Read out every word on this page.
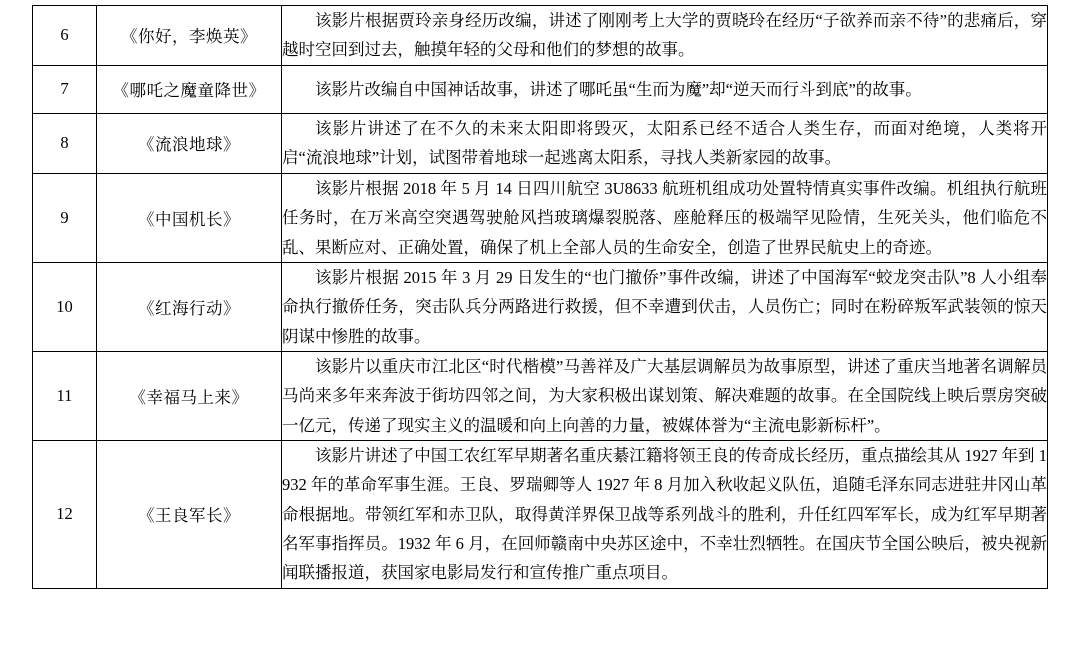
6	《你好，李焕英》	该影片根据贾玲亲身经历改编，讲述了刚刚考上大学的贾晓玲在经历“子欲养而亲不待”的悲痛后，穿越时空回到过去，触摸年轻的父母和他们的梦想的故事。

7	《哪吒之魔童降世》	该影片改编自中国神话故事，讲述了哪吒虽“生而为魔”却“逆天而行斗到底”的故事。

8	《流浪地球》	该影片讲述了在不久的未来太阳即将毁灭，太阳系已经不适合人类生存，而面对绝境，人类将开启“流浪地球”计划，试图带着地球一起逃离太阳系，寻找人类新家园的故事。

9	《中国机长》	该影片根据 2018 年 5 月 14 日四川航空 3U8633 航班机组成功处置特情真实事件改编。机组执行航班任务时，在万米高空突遇驾驶舱风挡玻璃爆裂脱落、座舱释压的极端罕见险情，生死关头，他们临危不乱、果断应对、正确处置，确保了机上全部人员的生命安全，创造了世界民航史上的奇迹。

10	《红海行动》	该影片根据 2015 年 3 月 29 日发生的“也门撤侨”事件改编，讲述了中国海军“蛟龙突击队”8 人小组奉命执行撤侨任务，突击队兵分两路进行救援，但不幸遭到伏击，人员伤亡；同时在粉碎叛军武装领的惊天阴谋中惨胜的故事。

11	《幸福马上来》	该影片以重庆市江北区“时代楷模”马善祥及广大基层调解员为故事原型，讲述了重庆当地著名调解员马尚来多年来奔波于街坊四邻之间，为大家积极出谋划策、解决难题的故事。在全国院线上映后票房突破一亿元，传递了现实主义的温暖和向上向善的力量，被媒体誉为“主流电影新标杆”。

12	《王良军长》	该影片讲述了中国工农红军早期著名重庆綦江籍将领王良的传奇成长经历，重点描绘其从 1927 年到 1932 年的革命军事生涯。王良、罗瑞卿等人 1927 年 8 月加入秋收起义队伍，追随毛泽东同志进驻井冈山革命根据地。带领红军和赤卫队，取得黄洋界保卫战等系列战斗的胜利，升任红四军军长，成为红军早期著名军事指挥员。1932 年 6 月，在回师赣南中央苏区途中，不幸壮烈牺牲。在国庆节全国公映后，被央视新闻联播报道，获国家电影局发行和宣传推广重点项目。
